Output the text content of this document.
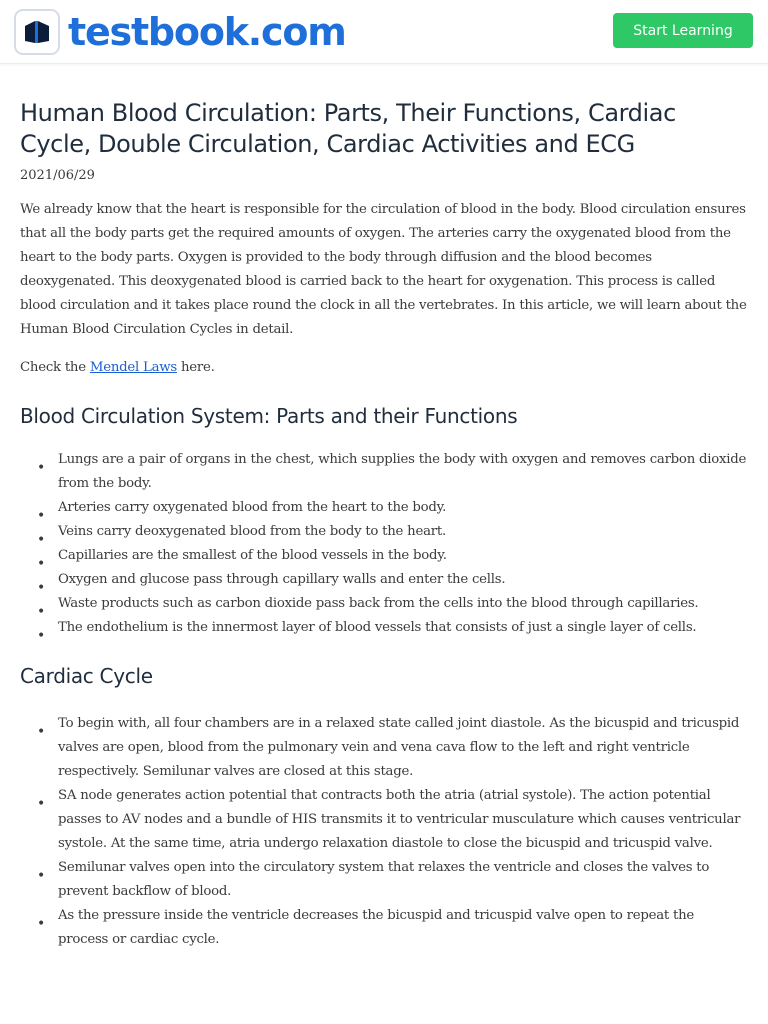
testbook.com	Start Learning
Human Blood Circulation: Parts, Their Functions, Cardiac Cycle, Double Circulation, Cardiac Activities and ECG
2021/06/29

We already know that the heart is responsible for the circulation of blood in the body. Blood circulation ensures that all the body parts get the required amounts of oxygen. The arteries carry the oxygenated blood from the heart to the body parts. Oxygen is provided to the body through diffusion and the blood becomes deoxygenated. This deoxygenated blood is carried back to the heart for oxygenation. This process is called blood circulation and it takes place round the clock in all the vertebrates. In this article, we will learn about the Human Blood Circulation Cycles in detail.

Check the Mendel Laws here.

Blood Circulation System: Parts and their Functions
•
Lungs are a pair of organs in the chest, which supplies the body with oxygen and removes carbon dioxide from the body.
•
Arteries carry oxygenated blood from the heart to the body.
•
Veins carry deoxygenated blood from the body to the heart.
•
Capillaries are the smallest of the blood vessels in the body.
•
Oxygen and glucose pass through capillary walls and enter the cells.
•
Waste products such as carbon dioxide pass back from the cells into the blood through capillaries.
•
The endothelium is the innermost layer of blood vessels that consists of just a single layer of cells.
Cardiac Cycle
•
To begin with, all four chambers are in a relaxed state called joint diastole. As the bicuspid and tricuspid valves are open, blood from the pulmonary vein and vena cava flow to the left and right ventricle respectively. Semilunar valves are closed at this stage.
•
SA node generates action potential that contracts both the atria (atrial systole). The action potential passes to AV nodes and a bundle of HIS transmits it to ventricular musculature which causes ventricular systole. At the same time, atria undergo relaxation diastole to close the bicuspid and tricuspid valve.
•
Semilunar valves open into the circulatory system that relaxes the ventricle and closes the valves to prevent backflow of blood.
•
As the pressure inside the ventricle decreases the bicuspid and tricuspid valve open to repeat the process or cardiac cycle.
